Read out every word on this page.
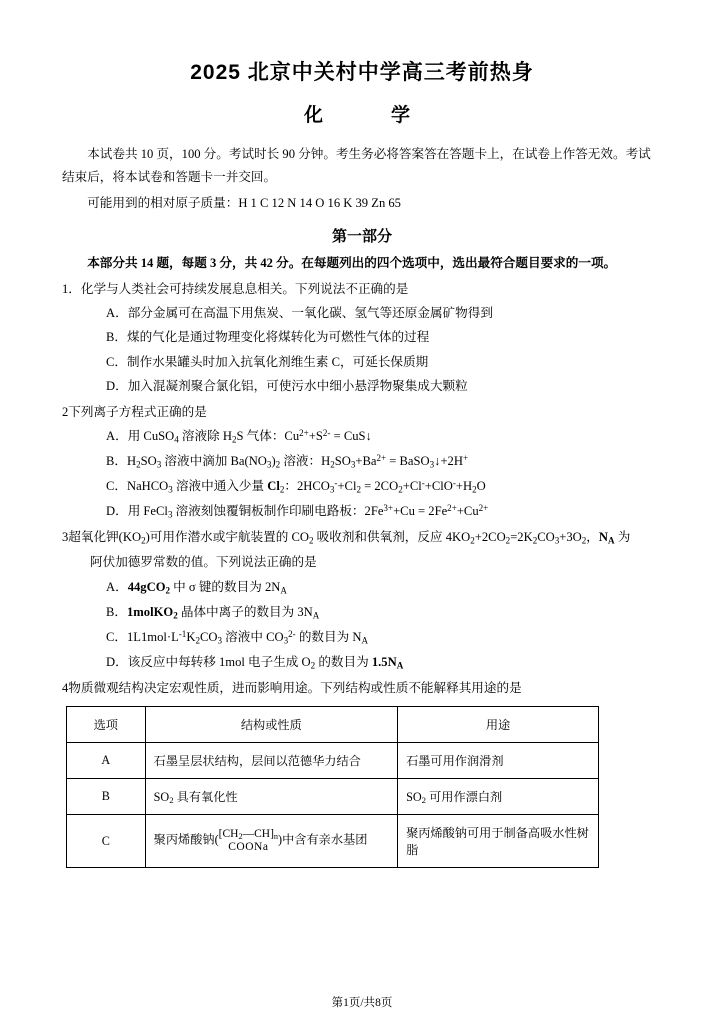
2025 北京中关村中学高三考前热身
化　　学

本试卷共 10 页，100 分。考试时长 90 分钟。考生务必将答案答在答题卡上，在试卷上作答无效。考试结束后，将本试卷和答题卡一并交回。

可能用到的相对原子质量：H 1 C 12 N 14 O 16 K 39 Zn 65

第一部分

本部分共 14 题，每题 3 分，共 42 分。在每题列出的四个选项中，选出最符合题目要求的一项。

1．化学与人类社会可持续发展息息相关。下列说法不正确的是

A．部分金属可在高温下用焦炭、一氧化碳、氢气等还原金属矿物得到

B．煤的气化是通过物理变化将煤转化为可燃性气体的过程

C．制作水果罐头时加入抗氧化剂维生素 C，可延长保质期

D．加入混凝剂聚合氯化铝，可使污水中细小悬浮物聚集成大颗粒

2下列离子方程式正确的是

A．用 CuSO$_4$ 溶液除 $H_2S$ 气体：$Cu^{2+}+S^{2-}$ = CuS↓

B．$H_2SO_3$ 溶液中滴加 $Ba(NO_3)_2$ 溶液：$H_2SO_3+Ba^{2+}$ = BaSO$_3$↓+2H+

C．NaHCO$_3$ 溶液中通入少量 $Cl_2$：$2HCO_3^-+Cl_2 = 2CO_2+Cl^-+ClO^-+H_2O$

D．用 FeCl$_3$ 溶液刻蚀覆铜板制作印刷电路板：$2Fe^{3+}+Cu = 2Fe^{2+}+Cu^{2+}$

3超氧化钾$(KO_2)$可用作潜水或宇航装置的 $CO_2$ 吸收剂和供氧剂，反应 $4KO_2+2CO_2=2K_2CO_3+3O_2$，$N_A$ 为

阿伏加德罗常数的值。下列说法正确的是

A．44gCO$_2$ 中 σ 键的数目为 $2N_A$

B．1molKO$_2$ 晶体中离子的数目为 $3N_A$

C．$1L1mol\cdot L^{-1}K_2CO_3$ 溶液中 $CO_3^{2-}$ 的数目为 $N_A$

D．该反应中每转移 1mol 电子生成 $O_2$ 的数目为 $1.5N_A$

4物质微观结构决定宏观性质，进而影响用途。下列结构或性质不能解释其用途的是

选项	结构或性质	用途
A	石墨呈层状结构，层间以范德华力结合	石墨可用作润滑剂
B	$SO_2$ 具有氧化性	$SO_2$ 可用作漂白剂
C	聚丙烯酸钠( $[CH_2—CH]_n$
COONa
)中含有亲水基团	聚丙烯酸钠可用于制备高吸水性树脂
第1页/共8页
